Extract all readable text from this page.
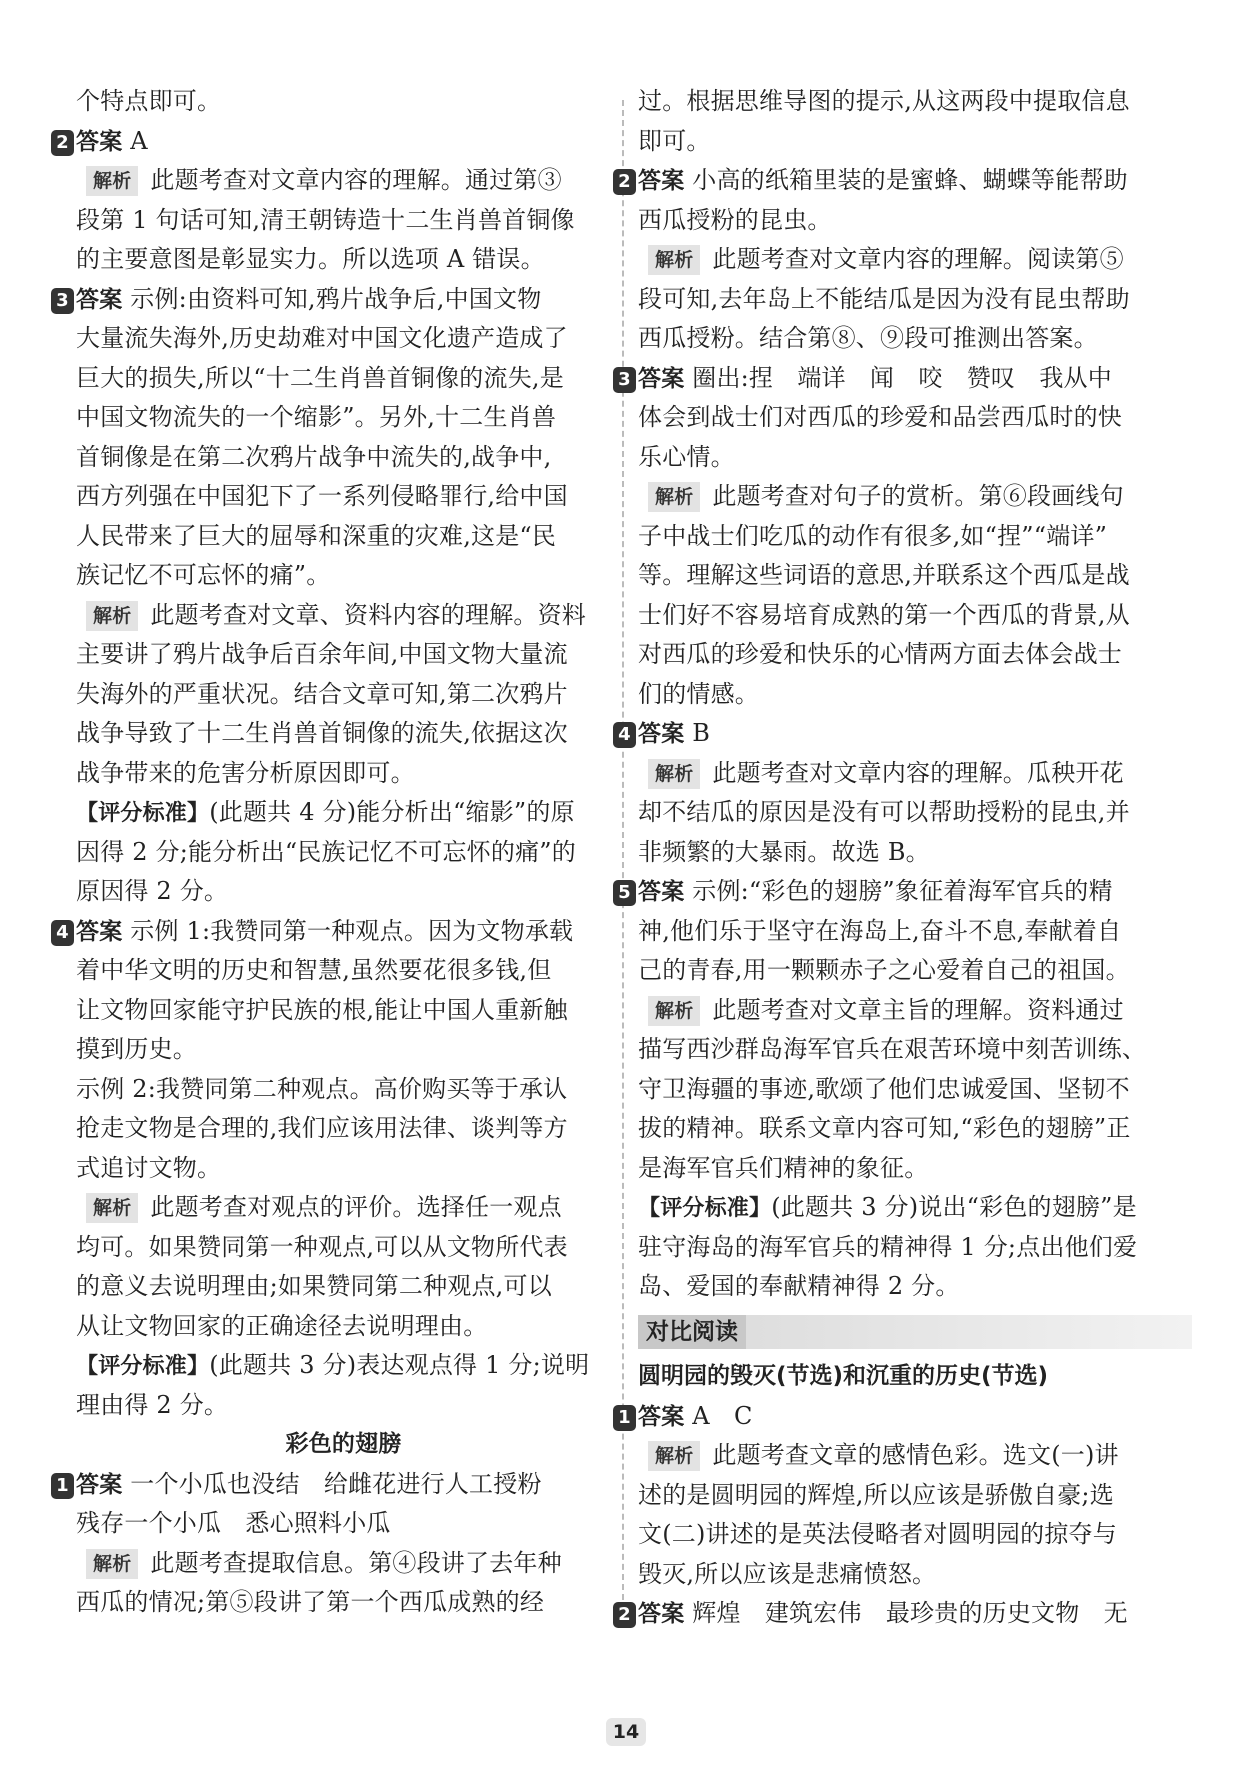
个特点即可。
2 答案 A
解析 此题考查对文章内容的理解。通过第③
段第 1 句话可知,清王朝铸造十二生肖兽首铜像
的主要意图是彰显实力。所以选项 A 错误。
3 答案 示例:由资料可知,鸦片战争后,中国文物
大量流失海外,历史劫难对中国文化遗产造成了
巨大的损失,所以“十二生肖兽首铜像的流失,是
中国文物流失的一个缩影”。另外,十二生肖兽
首铜像是在第二次鸦片战争中流失的,战争中,
西方列强在中国犯下了一系列侵略罪行,给中国
人民带来了巨大的屈辱和深重的灾难,这是“民
族记忆不可忘怀的痛”。
解析 此题考查对文章、资料内容的理解。资料
主要讲了鸦片战争后百余年间,中国文物大量流
失海外的严重状况。结合文章可知,第二次鸦片
战争导致了十二生肖兽首铜像的流失,依据这次
战争带来的危害分析原因即可。
【评分标准】(此题共 4 分)能分析出“缩影”的原
因得 2 分;能分析出“民族记忆不可忘怀的痛”的
原因得 2 分。
4 答案 示例 1:我赞同第一种观点。因为文物承载
着中华文明的历史和智慧,虽然要花很多钱,但
让文物回家能守护民族的根,能让中国人重新触
摸到历史。
示例 2:我赞同第二种观点。高价购买等于承认
抢走文物是合理的,我们应该用法律、谈判等方
式追讨文物。
解析 此题考查对观点的评价。选择任一观点
均可。如果赞同第一种观点,可以从文物所代表
的意义去说明理由;如果赞同第二种观点,可以
从让文物回家的正确途径去说明理由。
【评分标准】(此题共 3 分)表达观点得 1 分;说明
理由得 2 分。
彩色的翅膀
1 答案 一个小瓜也没结　给雌花进行人工授粉
残存一个小瓜　悉心照料小瓜
解析 此题考查提取信息。第④段讲了去年种
西瓜的情况;第⑤段讲了第一个西瓜成熟的经
过。根据思维导图的提示,从这两段中提取信息
即可。
2 答案 小高的纸箱里装的是蜜蜂、蝴蝶等能帮助
西瓜授粉的昆虫。
解析 此题考查对文章内容的理解。阅读第⑤
段可知,去年岛上不能结瓜是因为没有昆虫帮助
西瓜授粉。结合第⑧、⑨段可推测出答案。
3 答案 圈出:捏　端详　闻　咬　赞叹　我从中
体会到战士们对西瓜的珍爱和品尝西瓜时的快
乐心情。
解析 此题考查对句子的赏析。第⑥段画线句
子中战士们吃瓜的动作有很多,如“捏”“端详”
等。理解这些词语的意思,并联系这个西瓜是战
士们好不容易培育成熟的第一个西瓜的背景,从
对西瓜的珍爱和快乐的心情两方面去体会战士
们的情感。
4 答案 B
解析 此题考查对文章内容的理解。瓜秧开花
却不结瓜的原因是没有可以帮助授粉的昆虫,并
非频繁的大暴雨。故选 B。
5 答案 示例:“彩色的翅膀”象征着海军官兵的精
神,他们乐于坚守在海岛上,奋斗不息,奉献着自
己的青春,用一颗颗赤子之心爱着自己的祖国。
解析 此题考查对文章主旨的理解。资料通过
描写西沙群岛海军官兵在艰苦环境中刻苦训练、
守卫海疆的事迹,歌颂了他们忠诚爱国、坚韧不
拔的精神。联系文章内容可知,“彩色的翅膀”正
是海军官兵们精神的象征。
【评分标准】(此题共 3 分)说出“彩色的翅膀”是
驻守海岛的海军官兵的精神得 1 分;点出他们爱
岛、爱国的奉献精神得 2 分。
对比阅读
圆明园的毁灭(节选)和沉重的历史(节选)
1 答案 A　C
解析 此题考查文章的感情色彩。选文(一)讲
述的是圆明园的辉煌,所以应该是骄傲自豪;选
文(二)讲述的是英法侵略者对圆明园的掠夺与
毁灭,所以应该是悲痛愤怒。
2 答案 辉煌　建筑宏伟　最珍贵的历史文物　无
14
